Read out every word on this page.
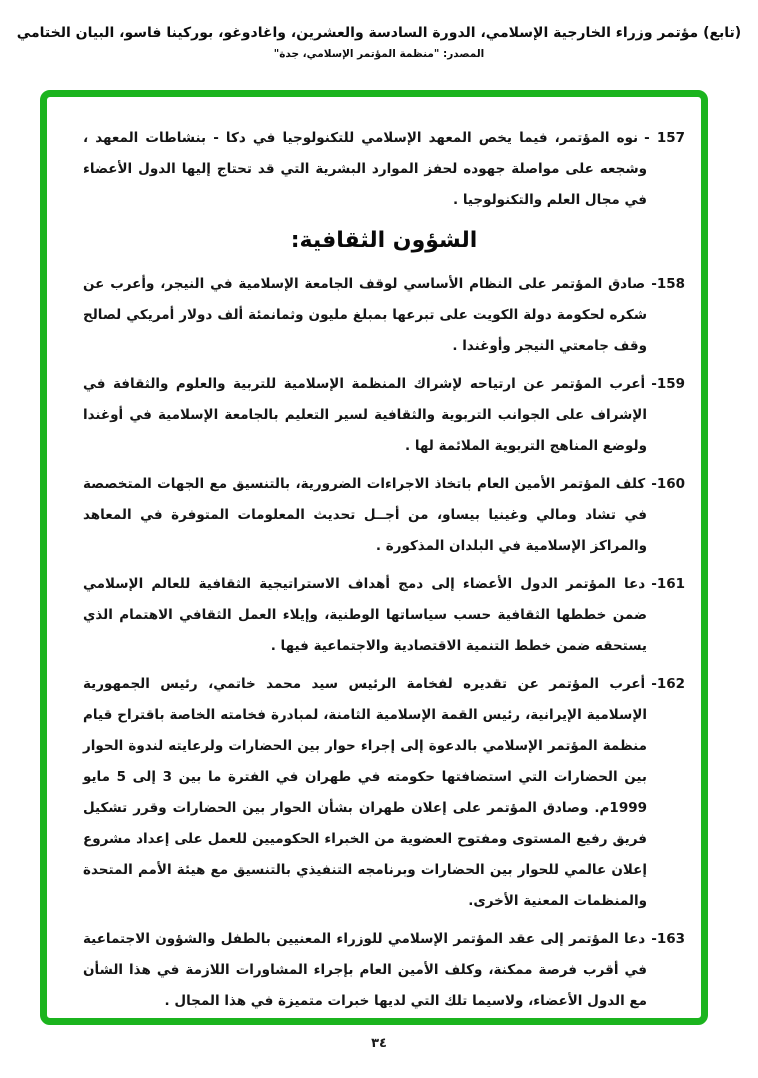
(تابع) مؤتمر وزراء الخارجية الإسلامي، الدورة السادسة والعشرين، واغادوغو، بوركينا فاسو، البيان الختامي
المصدر: "منظمة المؤتمر الإسلامي، جدة"

157 -نوه المؤتمر، فيما يخص المعهد الإسلامي للتكنولوجيا في دكا - بنشاطات المعهد ، وشجعه على مواصلة جهوده لحفز الموارد البشرية التي قد تحتاج إليها الدول الأعضاء في مجال العلم والتكنولوجيا .

الشؤون الثقافية:

158-صادق المؤتمر على النظام الأساسي لوقف الجامعة الإسلامية في النيجر، وأعرب عن شكره لحكومة دولة الكويت على تبرعها بمبلغ مليون وثمانمئة ألف دولار أمريكي لصالح وقف جامعتي النيجر وأوغندا .

159-أعرب المؤتمر عن ارتياحه لإشراك المنظمة الإسلامية للتربية والعلوم والثقافة في الإشراف على الجوانب التربوية والثقافية لسير التعليم بالجامعة الإسلامية في أوغندا ولوضع المناهج التربوية الملائمة لها .

160-كلف المؤتمر الأمين العام باتخاذ الاجراءات الضرورية، بالتنسيق مع الجهات المتخصصة في تشاد ومالي وغينيا بيساو، من أجــل تحديث المعلومات المتوفرة في المعاهد والمراكز الإسلامية في البلدان المذكورة .

161-دعا المؤتمر الدول الأعضاء إلى دمج أهداف الاستراتيجية الثقافية للعالم الإسلامي ضمن خططها الثقافية حسب سياساتها الوطنية، وإيلاء العمل الثقافي الاهتمام الذي يستحقه ضمن خطط التنمية الاقتصادية والاجتماعية فيها .

162-أعرب المؤتمر عن تقديره لفخامة الرئيس سيد محمد خاتمي، رئيس الجمهورية الإسلامية الإيرانية، رئيس القمة الإسلامية الثامنة، لمبادرة فخامته الخاصة باقتراح قيام منظمة المؤتمر الإسلامي بالدعوة إلى إجراء حوار بين الحضارات ولرعايته لندوة الحوار بين الحضارات التي استضافتها حكومته في طهران في الفترة ما بين 3 إلى 5 مايو 1999م. وصادق المؤتمر على إعلان طهران بشأن الحوار بين الحضارات وقرر تشكيل فريق رفيع المستوى ومفتوح العضوية من الخبراء الحكوميين للعمل على إعداد مشروع إعلان عالمي للحوار بين الحضارات وبرنامجه التنفيذي بالتنسيق مع هيئة الأمم المتحدة والمنظمات المعنية الأخرى.

163-دعا المؤتمر إلى عقد المؤتمر الإسلامي للوزراء المعنيين بالطفل والشؤون الاجتماعية في أقرب فرصة ممكنة، وكلف الأمين العام بإجراء المشاورات اللازمة في هذا الشأن مع الدول الأعضاء، ولاسيما تلك التي لديها خبرات متميزة في هذا المجال .

٣٤
